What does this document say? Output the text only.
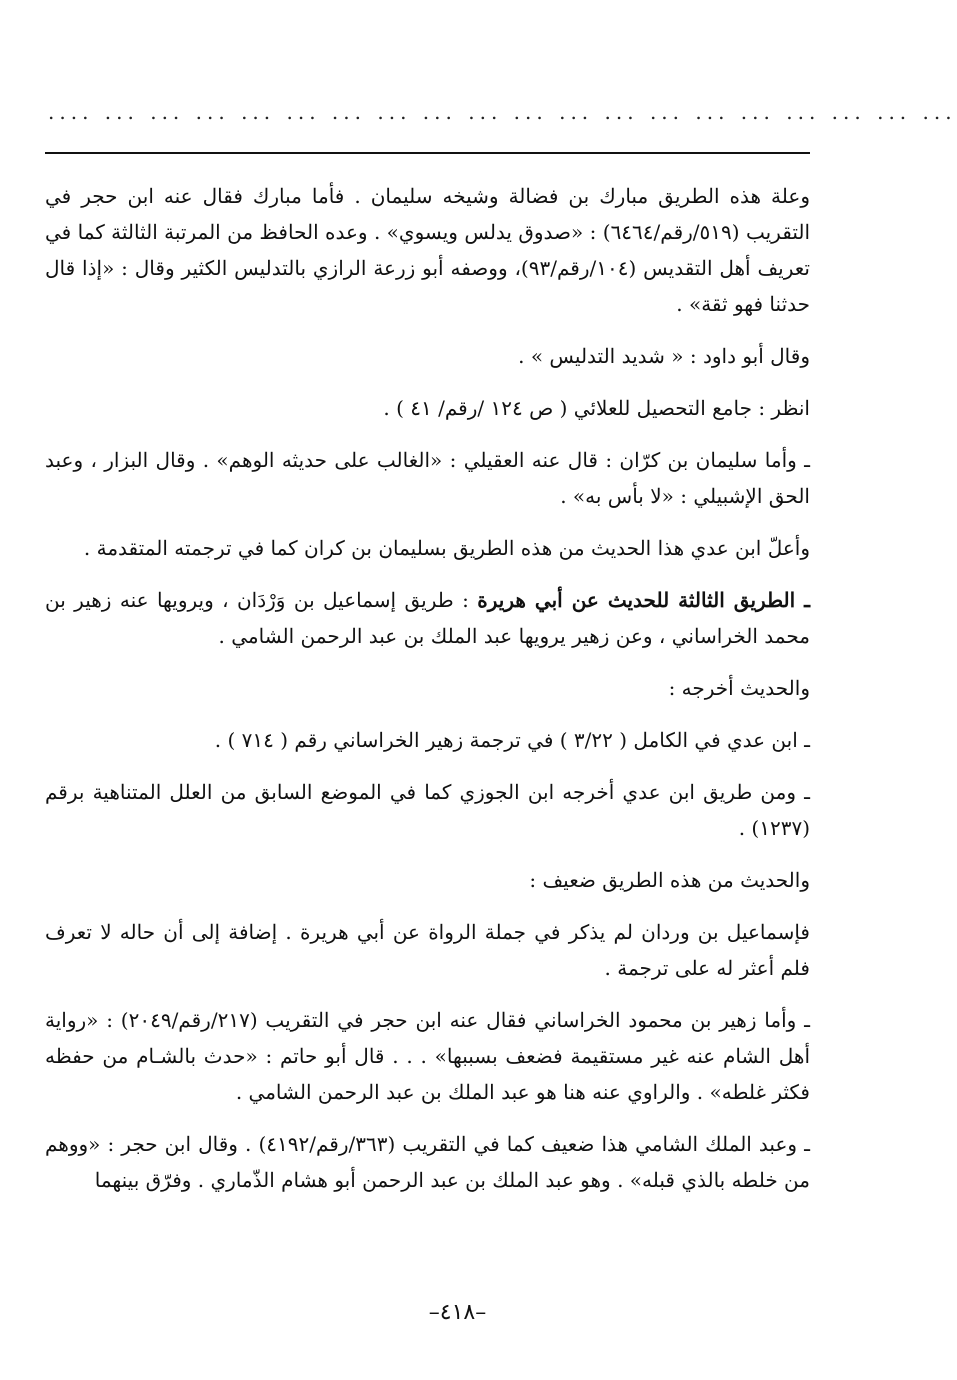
.... ... ... ... ... ... ... ... ... ... ... ... ... ... ... ... ... ... ... ...

وعلة هذه الطريق مبارك بن فضالة وشيخه سليمان . فأما مبارك فقال عنه ابن حجر في التقريب (٥١٩/رقم/٦٤٦٤) : «صدوق يدلس ويسوي» . وعده الحافظ من المرتبة الثالثة كما في تعريف أهل التقديس (١٠٤/رقم/٩٣)، ووصفه أبو زرعة الرازي بالتدليس الكثير وقال : «إذا قال حدثنا فهو ثقة» .

وقال أبو داود : « شديد التدليس » .

انظر : جامع التحصيل للعلائي ( ص ١٢٤ /رقم/ ٤١ ) .

ـ وأما سليمان بن كرّان : قال عنه العقيلي : «الغالب على حديثه الوهم» . وقال البزار ، وعبد الحق الإشبيلي : «لا بأس به» .

وأعلّ ابن عدي هذا الحديث من هذه الطريق بسليمان بن كران كما في ترجمته المتقدمة .

ـ الطريق الثالثة للحديث عن أبي هريرة : طريق إسماعيل بن وَرْدَان ، ويرويها عنه زهير بن محمد الخراساني ، وعن زهير يرويها عبد الملك بن عبد الرحمن الشامي .

والحديث أخرجه :

ـ ابن عدي في الكامل ( ٣/٢٢ ) في ترجمة زهير الخراساني رقم ( ٧١٤ ) .

ـ ومن طريق ابن عدي أخرجه ابن الجوزي كما في الموضع السابق من العلل المتناهية برقم (١٢٣٧) .

والحديث من هذه الطريق ضعيف :

فإسماعيل بن وردان لم يذكر في جملة الرواة عن أبي هريرة . إضافة إلى أن حاله لا تعرف فلم أعثر له على ترجمة .

ـ وأما زهير بن محمود الخراساني فقال عنه ابن حجر في التقريب (٢١٧/رقم/٢٠٤٩) : «رواية أهل الشام عنه غير مستقيمة فضعف بسببها» . . . قال أبو حاتم : «حدث بالشـام من حفظه فكثر غلطه» . والراوي عنه هنا هو عبد الملك بن عبد الرحمن الشامي .

ـ وعبد الملك الشامي هذا ضعيف كما في التقريب (٣٦٣/رقم/٤١٩٢) . وقال ابن حجر : «ووهم من خلطه بالذي قبله» . وهو عبد الملك بن عبد الرحمن أبو هشام الذّماري . وفرّق بينهما

–٤١٨–
